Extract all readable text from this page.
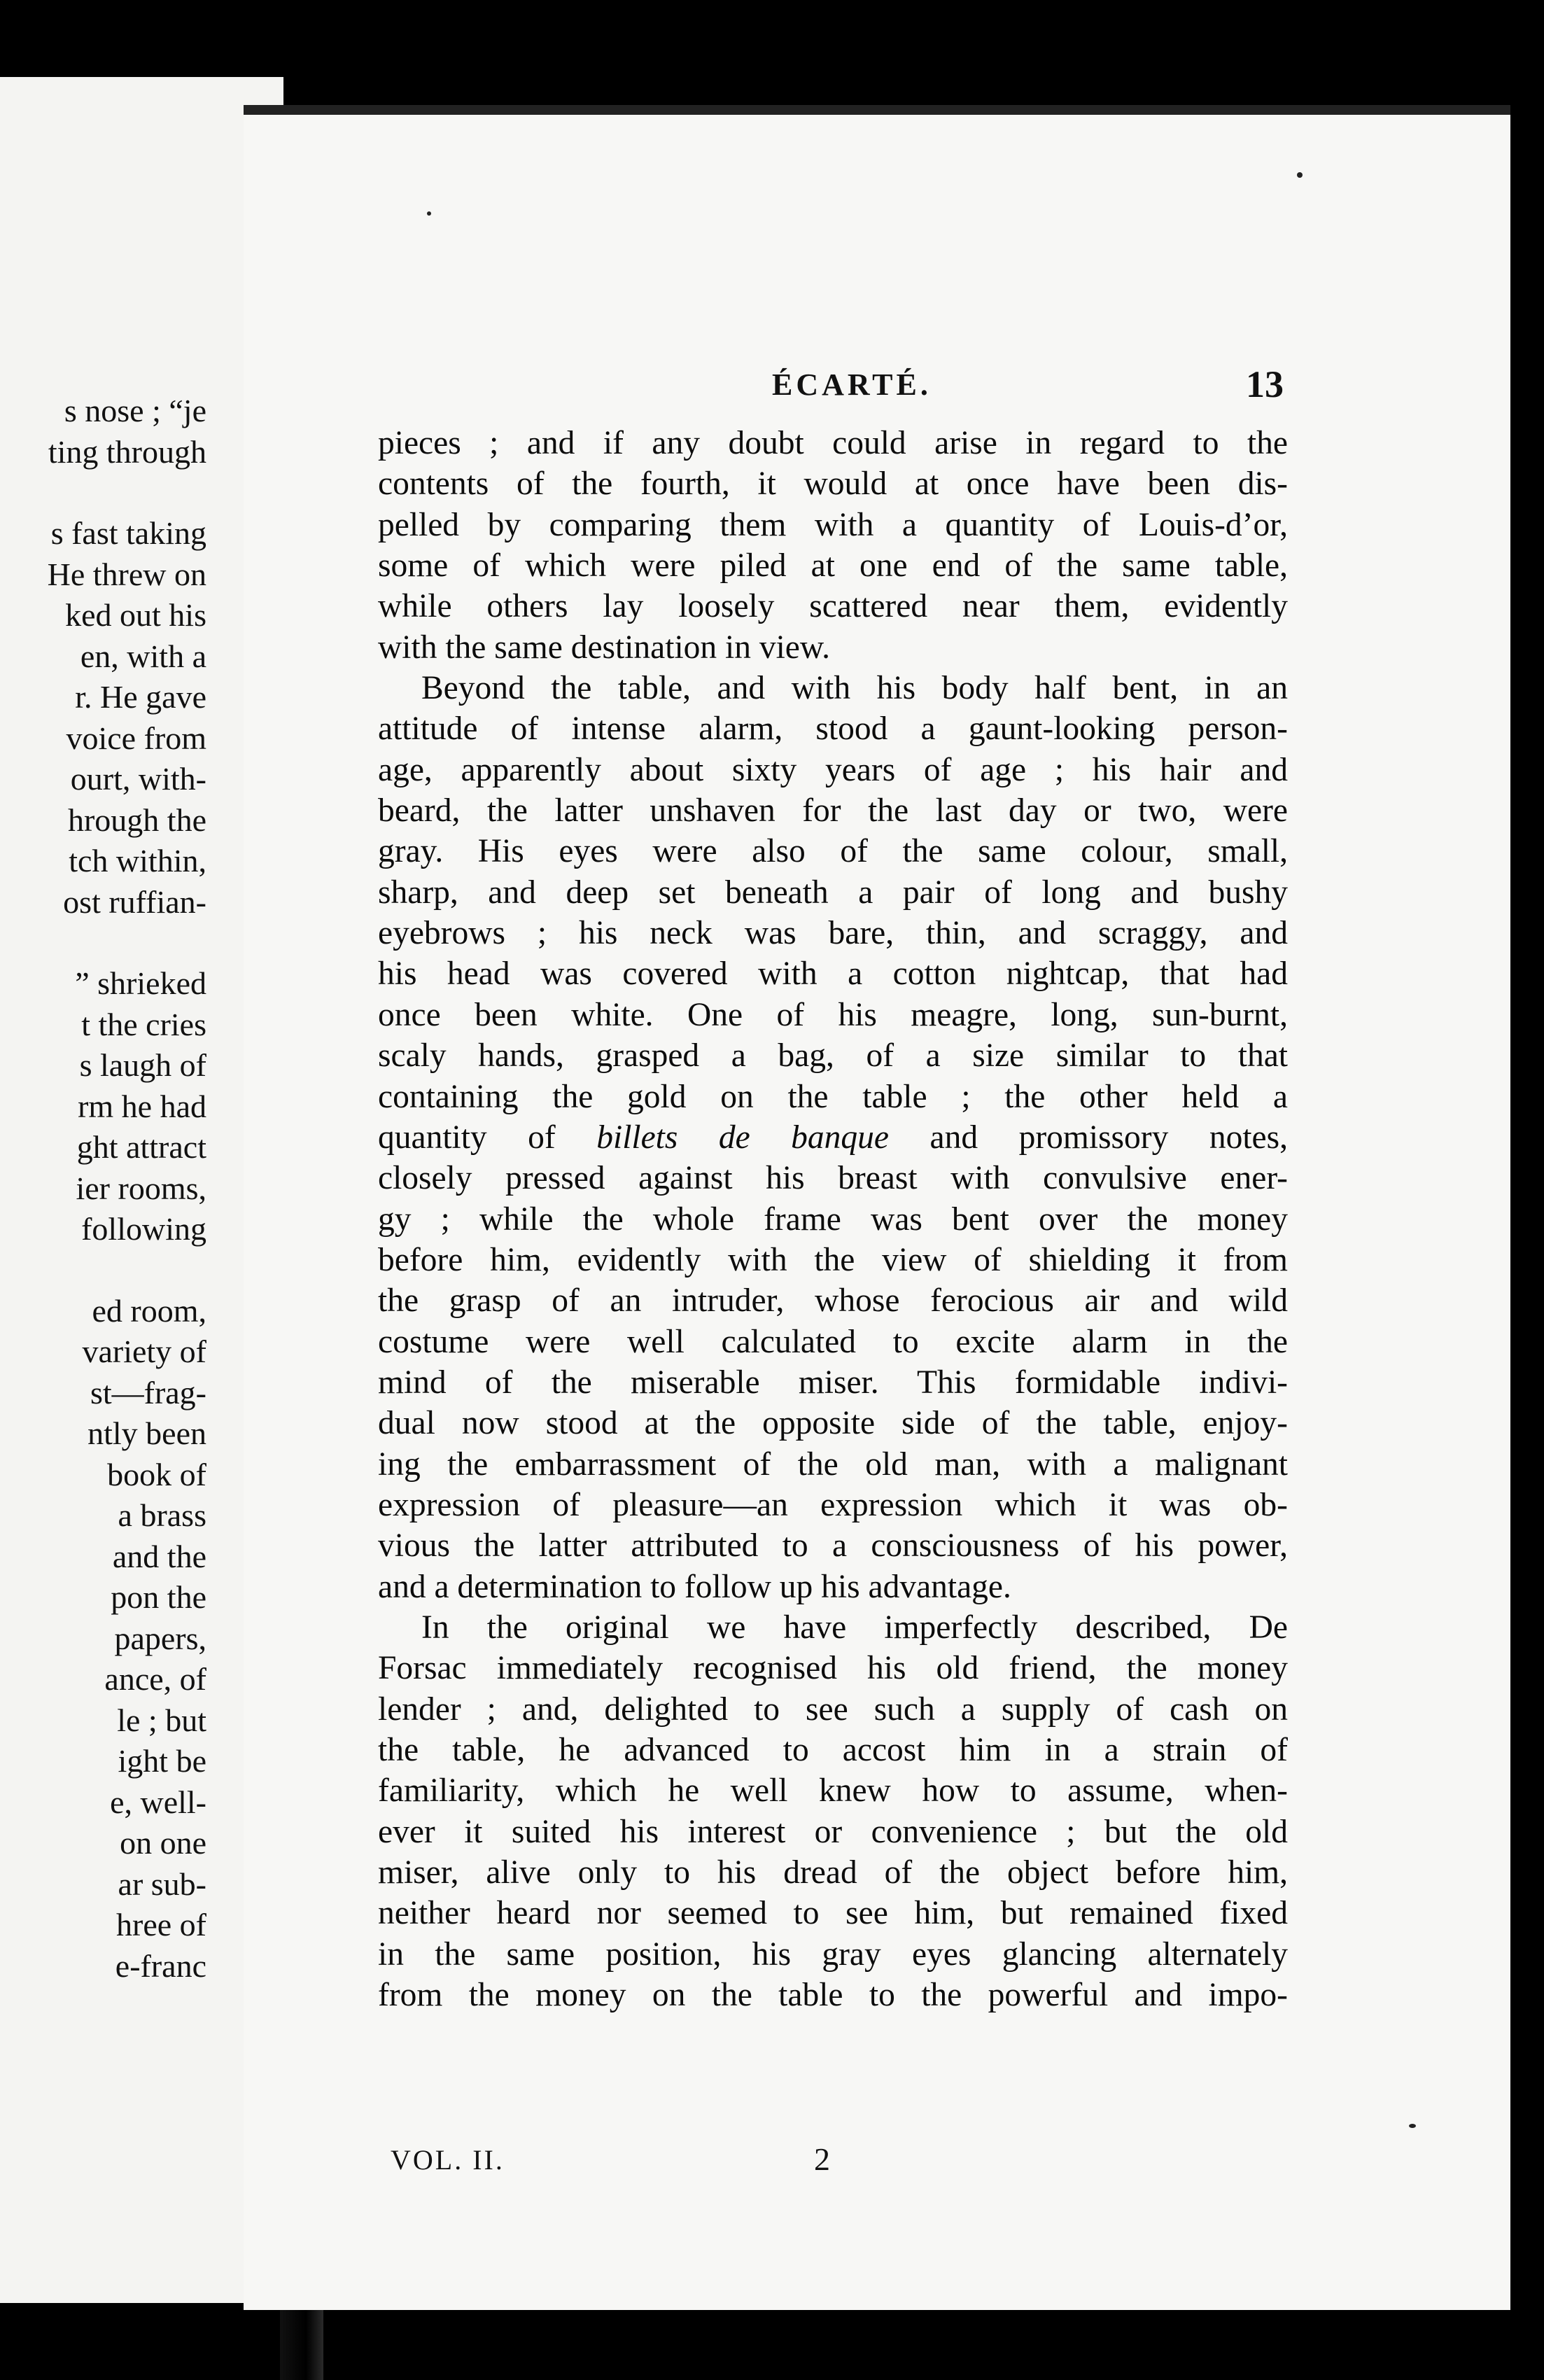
s nose ; “je
ting through
s fast taking
He threw on
ked out his
en, with a
r. He gave
voice from
ourt, with-
hrough the
tch within,
ost ruffian-
” shrieked
t the cries
s laugh of
rm he had
ght attract
ier rooms,
following
ed room,
variety of
st—frag-
ntly been
book of
a brass
and the
pon the
papers,
ance, of
le ; but
ight be
e, well-
on one
ar sub-
hree of
e-franc
ÉCARTÉ.	13
pieces ; and if any doubt could arise in regard to the
contents of the fourth, it would at once have been dis-
pelled by comparing them with a quantity of Louis-d’or,
some of which were piled at one end of the same table,
while others lay loosely scattered near them, evidently
with the same destination in view.
Beyond the table, and with his body half bent, in an
attitude of intense alarm, stood a gaunt-looking person-
age, apparently about sixty years of age ; his hair and
beard, the latter unshaven for the last day or two, were
gray. His eyes were also of the same colour, small,
sharp, and deep set beneath a pair of long and bushy
eyebrows ; his neck was bare, thin, and scraggy, and
his head was covered with a cotton nightcap, that had
once been white. One of his meagre, long, sun-burnt,
scaly hands, grasped a bag, of a size similar to that
containing the gold on the table ; the other held a
quantity of billets de banque and promissory notes,
closely pressed against his breast with convulsive ener-
gy ; while the whole frame was bent over the money
before him, evidently with the view of shielding it from
the grasp of an intruder, whose ferocious air and wild
costume were well calculated to excite alarm in the
mind of the miserable miser. This formidable indivi-
dual now stood at the opposite side of the table, enjoy-
ing the embarrassment of the old man, with a malignant
expression of pleasure—an expression which it was ob-
vious the latter attributed to a consciousness of his power,
and a determination to follow up his advantage.
In the original we have imperfectly described, De
Forsac immediately recognised his old friend, the money
lender ; and, delighted to see such a supply of cash on
the table, he advanced to accost him in a strain of
familiarity, which he well knew how to assume, when-
ever it suited his interest or convenience ; but the old
miser, alive only to his dread of the object before him,
neither heard nor seemed to see him, but remained fixed
in the same position, his gray eyes glancing alternately
from the money on the table to the powerful and impo-
VOL. II.	2
